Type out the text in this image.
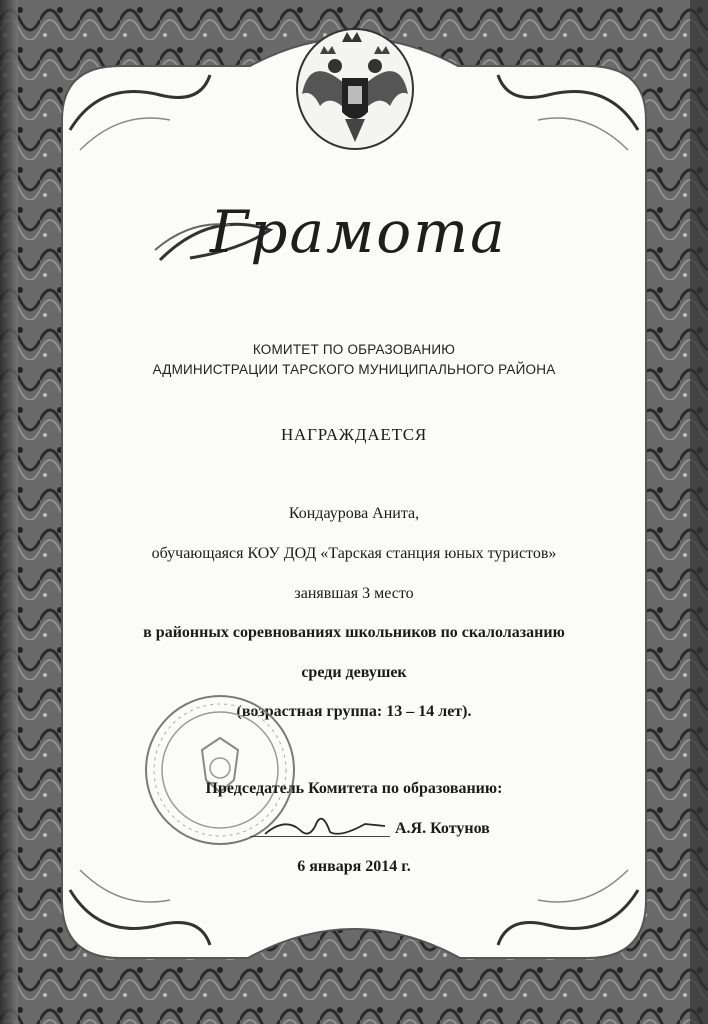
Грамота
КОМИТЕТ ПО ОБРАЗОВАНИЮ
АДМИНИСТРАЦИИ ТАРСКОГО МУНИЦИПАЛЬНОГО РАЙОНА
НАГРАЖДАЕТСЯ
Кондаурова Анита,
обучающаяся КОУ ДОД «Тарская станция юных туристов»
занявшая 3 место
в районных соревнованиях школьников по скалолазанию
среди девушек
(возрастная группа: 13 – 14 лет).
Председатель Комитета по образованию:
А.Я. Котунов
6 января 2014 г.
